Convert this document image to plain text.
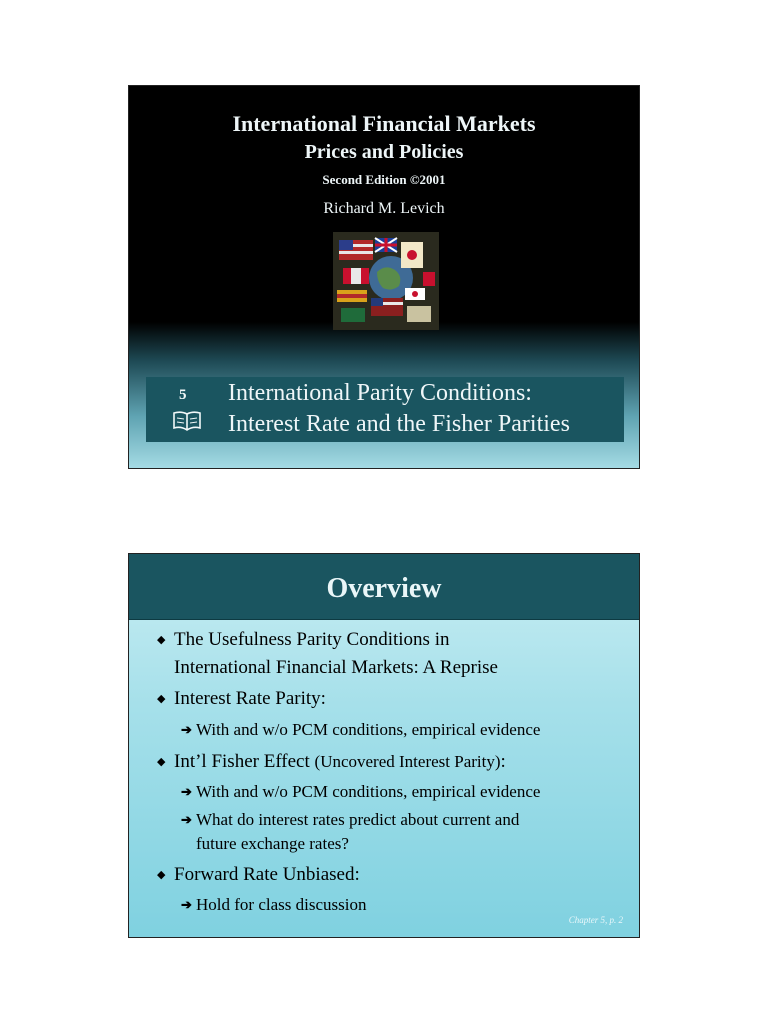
International Financial Markets
Prices and Policies
Second Edition ©2001
Richard M. Levich
5 International Parity Conditions:
Interest Rate and the Fisher Parities
Overview
◆ The Usefulness Parity Conditions in
International Financial Markets: A Reprise
◆ Interest Rate Parity:
➔ With and w/o PCM conditions, empirical evidence
◆ Int’l Fisher Effect (Uncovered Interest Parity):
➔ With and w/o PCM conditions, empirical evidence
➔ What do interest rates predict about current and
future exchange rates?
◆ Forward Rate Unbiased:
➔ Hold for class discussion
Chapter 5, p. 2
